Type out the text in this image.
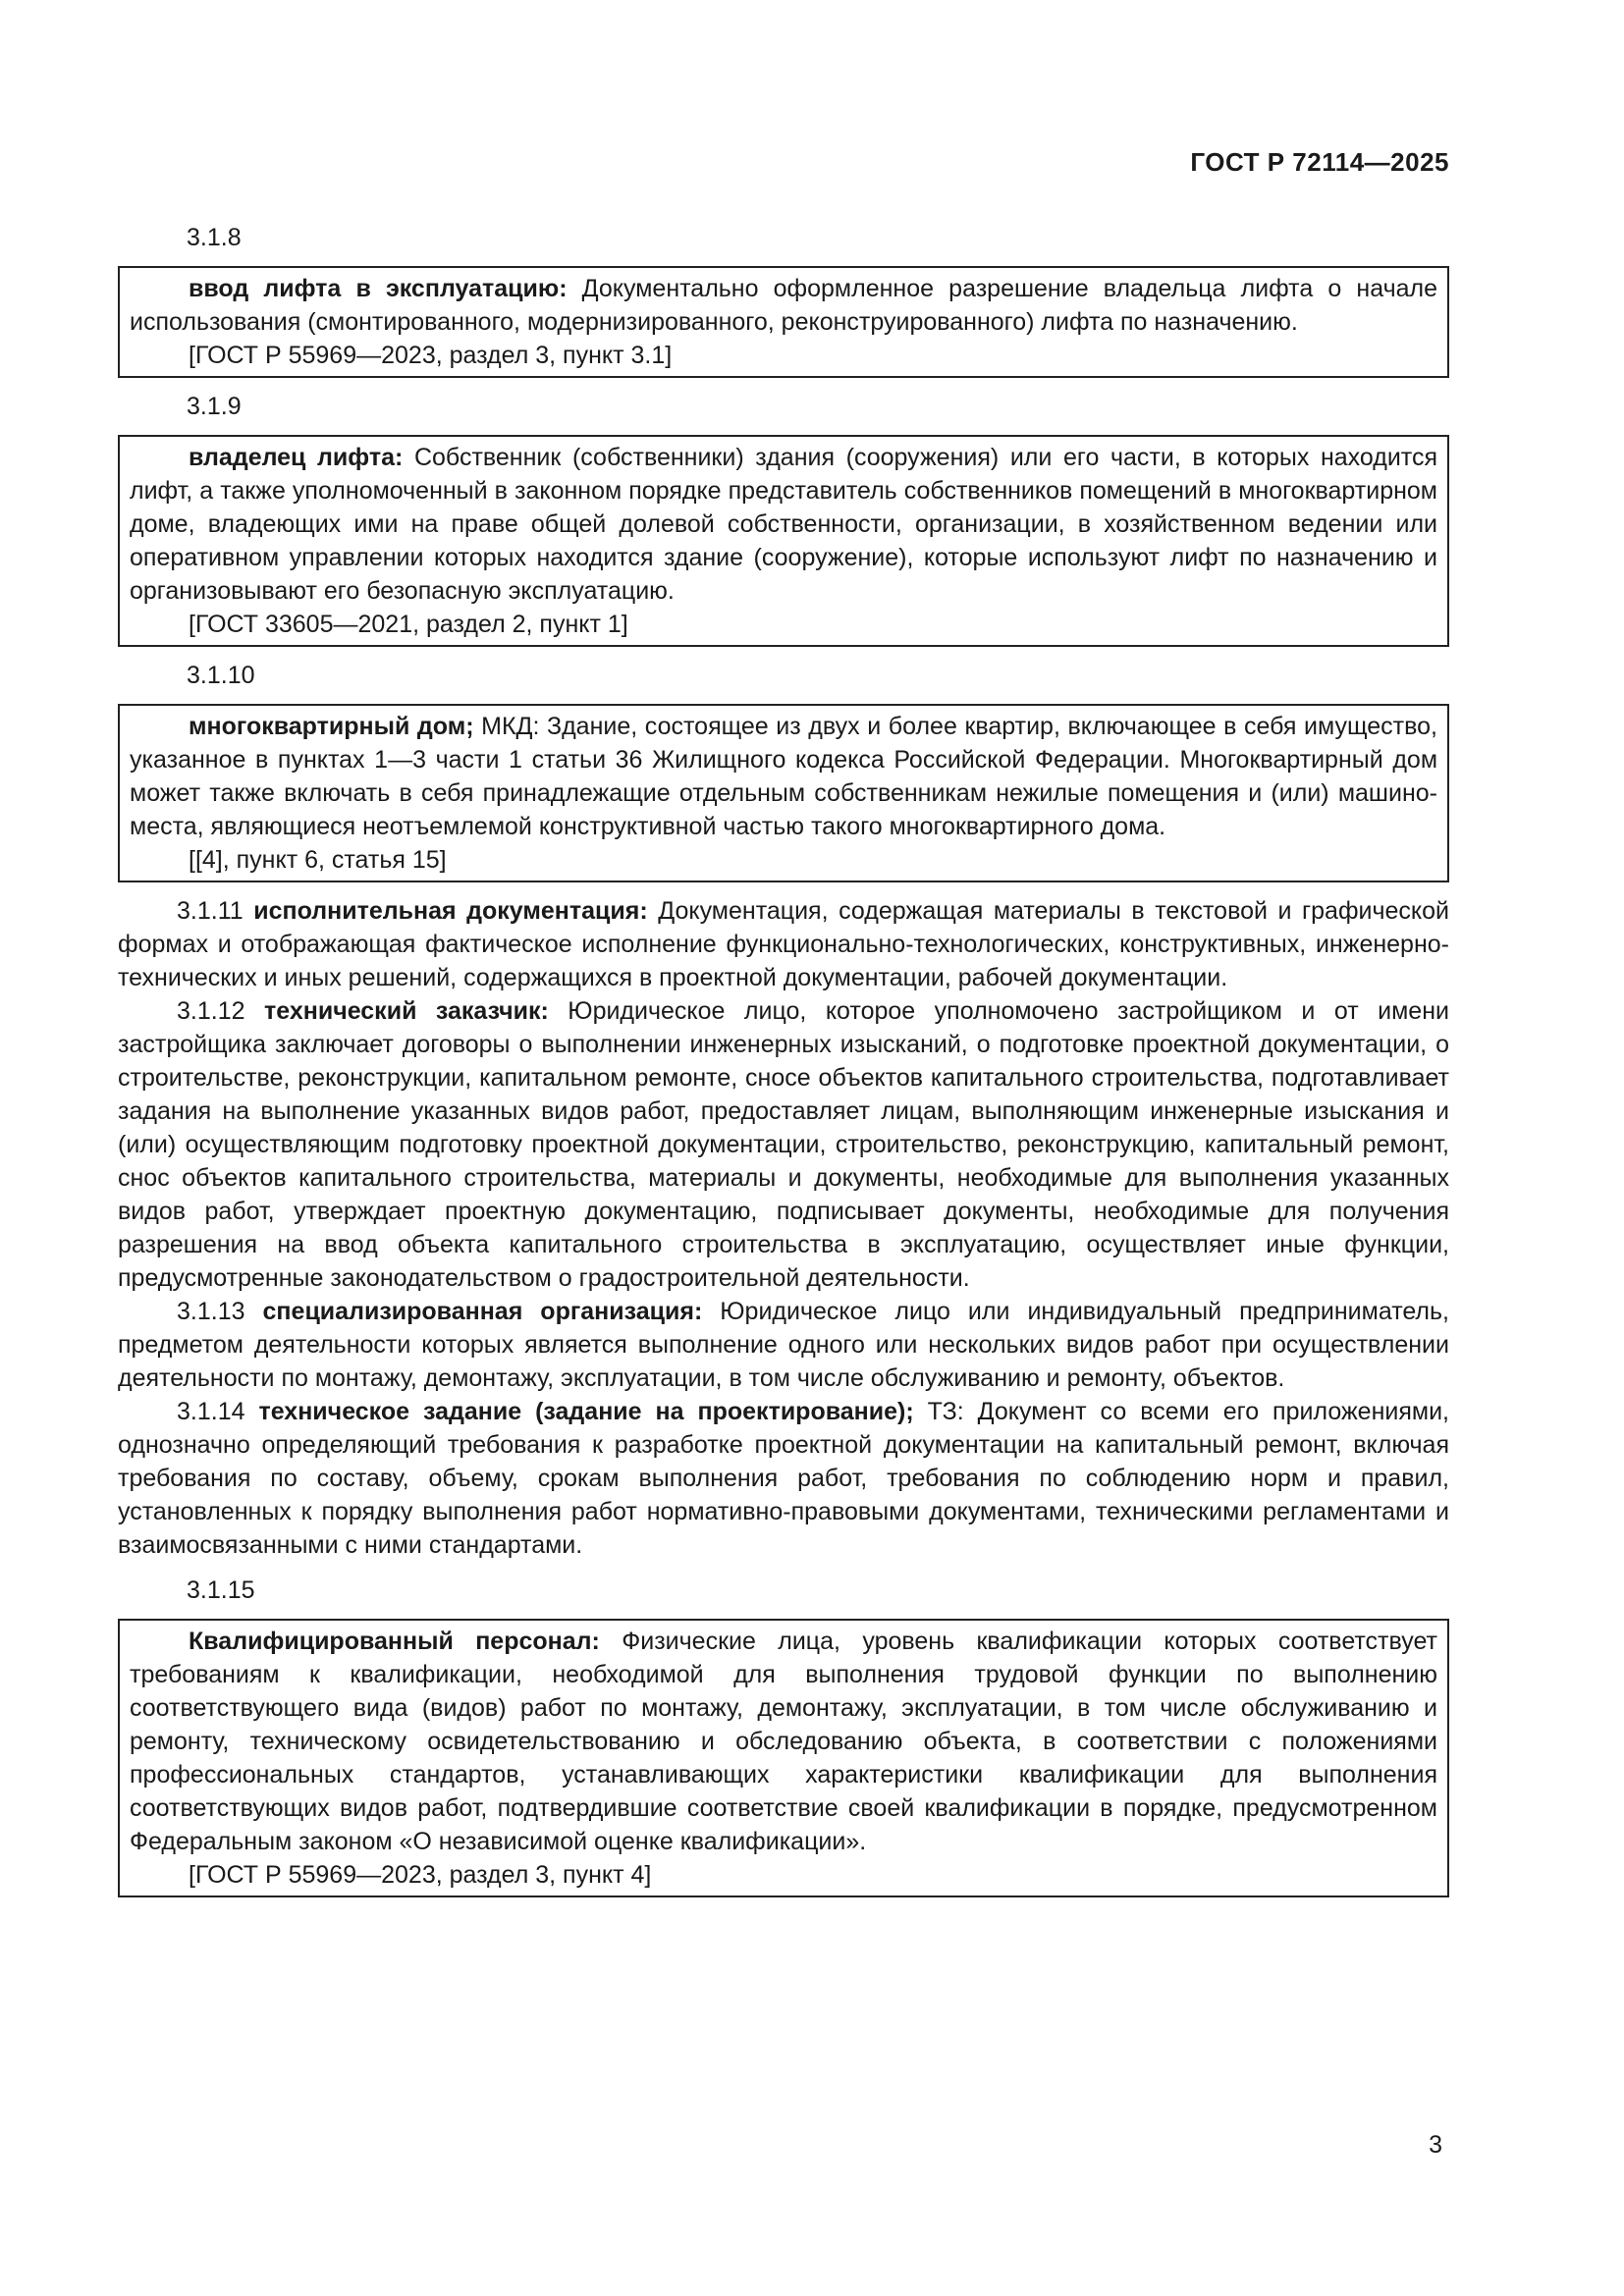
ГОСТ Р 72114—2025
3.1.8

ввод лифта в эксплуатацию: Документально оформленное разрешение владельца лифта о начале использования (смонтированного, модернизированного, реконструированного) лифта по назначению.

[ГОСТ Р 55969—2023, раздел 3, пункт 3.1]

3.1.9

владелец лифта: Собственник (собственники) здания (сооружения) или его части, в которых находится лифт, а также уполномоченный в законном порядке представитель собственников помещений в многоквартирном доме, владеющих ими на праве общей долевой собственности, организации, в хозяйственном ведении или оперативном управлении которых находится здание (сооружение), которые используют лифт по назначению и организовывают его безопасную эксплуатацию.

[ГОСТ 33605—2021, раздел 2, пункт 1]

3.1.10

многоквартирный дом; МКД: Здание, состоящее из двух и более квартир, включающее в себя имущество, указанное в пунктах 1—3 части 1 статьи 36 Жилищного кодекса Российской Федерации. Многоквартирный дом может также включать в себя принадлежащие отдельным собственникам нежилые помещения и (или) машино-места, являющиеся неотъемлемой конструктивной частью такого многоквартирного дома.

[[4], пункт 6, статья 15]

3.1.11 исполнительная документация: Документация, содержащая материалы в текстовой и графической формах и отображающая фактическое исполнение функционально-технологических, конструктивных, инженерно-технических и иных решений, содержащихся в проектной документации, рабочей документации.

3.1.12 технический заказчик: Юридическое лицо, которое уполномочено застройщиком и от имени застройщика заключает договоры о выполнении инженерных изысканий, о подготовке проектной документации, о строительстве, реконструкции, капитальном ремонте, сносе объектов капитального строительства, подготавливает задания на выполнение указанных видов работ, предоставляет лицам, выполняющим инженерные изыскания и (или) осуществляющим подготовку проектной документации, строительство, реконструкцию, капитальный ремонт, снос объектов капитального строительства, материалы и документы, необходимые для выполнения указанных видов работ, утверждает проектную документацию, подписывает документы, необходимые для получения разрешения на ввод объекта капитального строительства в эксплуатацию, осуществляет иные функции, предусмотренные законодательством о градостроительной деятельности.

3.1.13 специализированная организация: Юридическое лицо или индивидуальный предприниматель, предметом деятельности которых является выполнение одного или нескольких видов работ при осуществлении деятельности по монтажу, демонтажу, эксплуатации, в том числе обслуживанию и ремонту, объектов.

3.1.14 техническое задание (задание на проектирование); ТЗ: Документ со всеми его приложениями, однозначно определяющий требования к разработке проектной документации на капитальный ремонт, включая требования по составу, объему, срокам выполнения работ, требования по соблюдению норм и правил, установленных к порядку выполнения работ нормативно-правовыми документами, техническими регламентами и взаимосвязанными с ними стандартами.

3.1.15

Квалифицированный персонал: Физические лица, уровень квалификации которых соответствует требованиям к квалификации, необходимой для выполнения трудовой функции по выполнению соответствующего вида (видов) работ по монтажу, демонтажу, эксплуатации, в том числе обслуживанию и ремонту, техническому освидетельствованию и обследованию объекта, в соответствии с положениями профессиональных стандартов, устанавливающих характеристики квалификации для выполнения соответствующих видов работ, подтвердившие соответствие своей квалификации в порядке, предусмотренном Федеральным законом «О независимой оценке квалификации».

[ГОСТ Р 55969—2023, раздел 3, пункт 4]

3
